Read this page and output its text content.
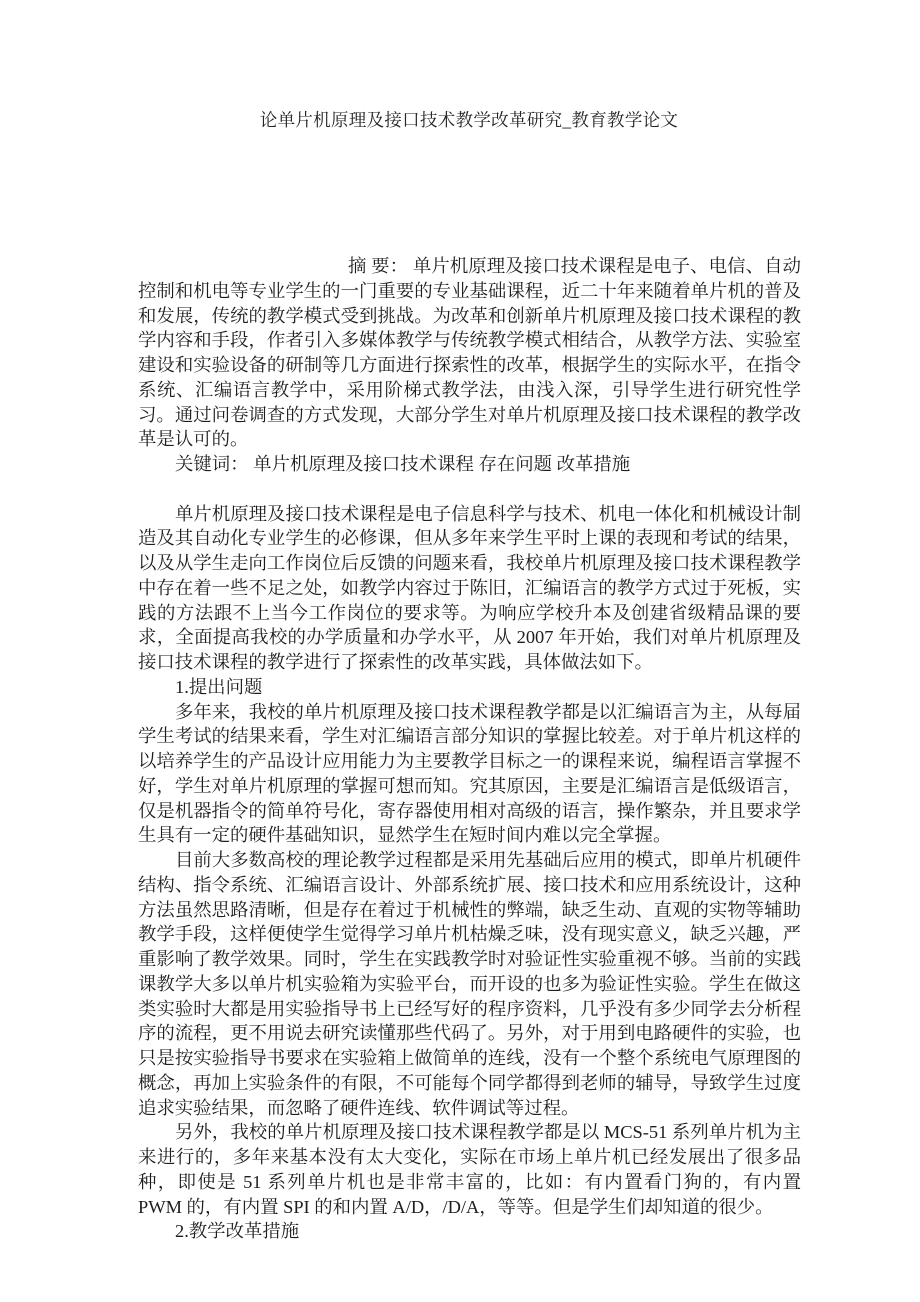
论单片机原理及接口技术教学改革研究_教育教学论文

摘 要： 单片机原理及接口技术课程是电子、电信、自动控制和机电等专业学生的一门重要的专业基础课程，近二十年来随着单片机的普及和发展，传统的教学模式受到挑战。为改革和创新单片机原理及接口技术课程的教学内容和手段，作者引入多媒体教学与传统教学模式相结合，从教学方法、实验室建设和实验设备的研制等几方面进行探索性的改革，根据学生的实际水平，在指令系统、汇编语言教学中，采用阶梯式教学法，由浅入深，引导学生进行研究性学习。通过问卷调查的方式发现，大部分学生对单片机原理及接口技术课程的教学改革是认可的。

关键词： 单片机原理及接口技术课程 存在问题 改革措施

单片机原理及接口技术课程是电子信息科学与技术、机电一体化和机械设计制造及其自动化专业学生的必修课，但从多年来学生平时上课的表现和考试的结果，以及从学生走向工作岗位后反馈的问题来看，我校单片机原理及接口技术课程教学中存在着一些不足之处，如教学内容过于陈旧，汇编语言的教学方式过于死板，实践的方法跟不上当今工作岗位的要求等。为响应学校升本及创建省级精品课的要求，全面提高我校的办学质量和办学水平，从 2007 年开始，我们对单片机原理及接口技术课程的教学进行了探索性的改革实践，具体做法如下。

1.提出问题

多年来，我校的单片机原理及接口技术课程教学都是以汇编语言为主，从每届学生考试的结果来看，学生对汇编语言部分知识的掌握比较差。对于单片机这样的以培养学生的产品设计应用能力为主要教学目标之一的课程来说，编程语言掌握不好，学生对单片机原理的掌握可想而知。究其原因，主要是汇编语言是低级语言，仅是机器指令的简单符号化，寄存器使用相对高级的语言，操作繁杂，并且要求学生具有一定的硬件基础知识，显然学生在短时间内难以完全掌握。

目前大多数高校的理论教学过程都是采用先基础后应用的模式，即单片机硬件结构、指令系统、汇编语言设计、外部系统扩展、接口技术和应用系统设计，这种方法虽然思路清晰，但是存在着过于机械性的弊端，缺乏生动、直观的实物等辅助教学手段，这样便使学生觉得学习单片机枯燥乏味，没有现实意义，缺乏兴趣，严重影响了教学效果。同时，学生在实践教学时对验证性实验重视不够。当前的实践课教学大多以单片机实验箱为实验平台，而开设的也多为验证性实验。学生在做这类实验时大都是用实验指导书上已经写好的程序资料，几乎没有多少同学去分析程序的流程，更不用说去研究读懂那些代码了。另外，对于用到电路硬件的实验，也只是按实验指导书要求在实验箱上做简单的连线，没有一个整个系统电气原理图的概念，再加上实验条件的有限，不可能每个同学都得到老师的辅导，导致学生过度追求实验结果，而忽略了硬件连线、软件调试等过程。

另外，我校的单片机原理及接口技术课程教学都是以 MCS-51 系列单片机为主来进行的，多年来基本没有太大变化，实际在市场上单片机已经发展出了很多品种，即使是 51 系列单片机也是非常丰富的，比如：有内置看门狗的，有内置 PWM 的，有内置 SPI 的和内置 A/D，/D/A，等等。但是学生们却知道的很少。

2.教学改革措施
